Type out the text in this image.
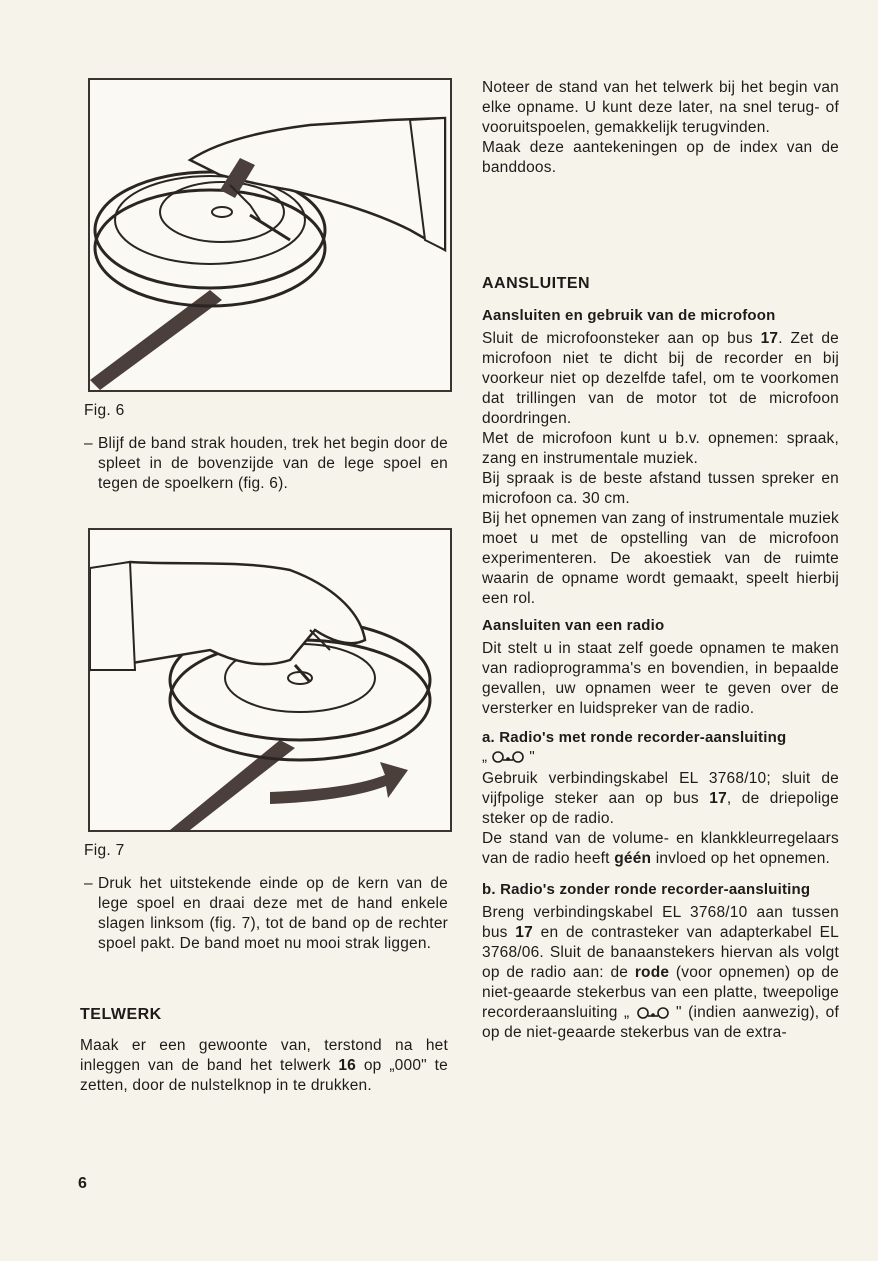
Fig. 6
– Blijf de band strak houden, trek het begin door de spleet in de bovenzijde van de lege spoel en tegen de spoelkern (fig. 6).
Fig. 7
– Druk het uitstekende einde op de kern van de lege spoel en draai deze met de hand enkele slagen linksom (fig. 7), tot de band op de rechter spoel pakt. De band moet nu mooi strak liggen.
TELWERK

Maak er een gewoonte van, terstond na het inleggen van de band het telwerk 16 op „000" te zetten, door de nulstelknop in te drukken.

Noteer de stand van het telwerk bij het begin van elke opname. U kunt deze later, na snel terug- of vooruitspoelen, gemakkelijk terugvinden.

Maak deze aantekeningen op de index van de banddoos.

AANSLUITEN
Aansluiten en gebruik van de microfoon

Sluit de microfoonsteker aan op bus 17. Zet de microfoon niet te dicht bij de recorder en bij voorkeur niet op dezelfde tafel, om te voorkomen dat trillingen van de motor tot de microfoon doordringen.

Met de microfoon kunt u b.v. opnemen: spraak, zang en instrumentale muziek.

Bij spraak is de beste afstand tussen spreker en microfoon ca. 30 cm.

Bij het opnemen van zang of instrumentale muziek moet u met de opstelling van de microfoon experimenteren. De akoestiek van de ruimte waarin de opname wordt gemaakt, speelt hierbij een rol.

Aansluiten van een radio

Dit stelt u in staat zelf goede opnamen te maken van radioprogramma's en bovendien, in bepaalde gevallen, uw opnamen weer te geven over de versterker en luidspreker van de radio.

a. Radio's met ronde recorder-aansluiting
„	"

Gebruik verbindingskabel EL 3768/10; sluit de vijfpolige steker aan op bus 17, de driepolige steker op de radio.

De stand van de volume- en klankkleurregelaars van de radio heeft géén invloed op het opnemen.

b. Radio's zonder ronde recorder-aansluiting

Breng verbindingskabel EL 3768/10 aan tussen bus 17 en de contrasteker van adapterkabel EL 3768/06. Sluit de banaanstekers hiervan als volgt op de radio aan: de rode (voor opnemen) op de niet-geaarde stekerbus van een platte, tweepolige recorderaansluiting „  " (indien aanwezig), of op de niet-geaarde stekerbus van de extra-

6
